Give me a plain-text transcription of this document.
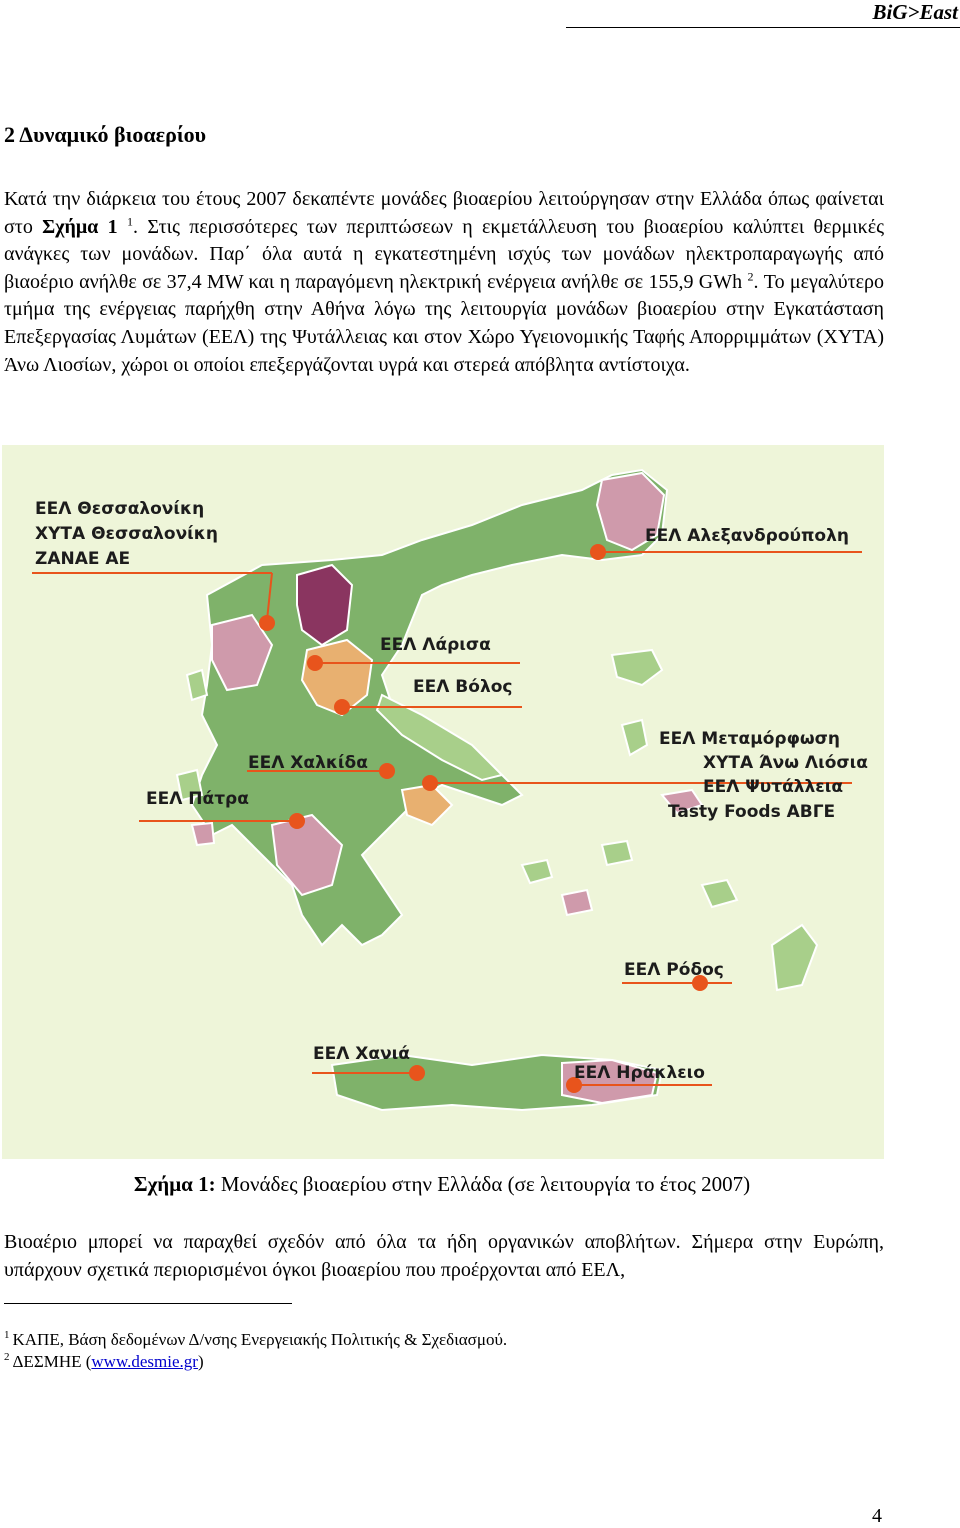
BiG>East
2 Δυναμικό βιοαερίου

Κατά την διάρκεια του έτους 2007 δεκαπέντε μονάδες βιοαερίου λειτούργησαν στην Ελλάδα όπως φαίνεται στο Σχήμα 1 $^1$. Στις περισσότερες των περιπτώσεων η εκμετάλλευση του βιοαερίου καλύπτει θερμικές ανάγκες των μονάδων. Παρ΄ όλα αυτά η εγκατεστημένη ισχύς των μονάδων ηλεκτροπαραγωγής από βιαοέριο ανήλθε σε 37,4 MW και η παραγόμενη ηλεκτρική ενέργεια ανήλθε σε 155,9 GWh $^2$. Το μεγαλύτερο τμήμα της ενέργειας παρήχθη στην Αθήνα λόγω της λειτουργία μονάδων βιοαερίου στην Εγκατάσταση Επεξεργασίας Λυμάτων (ΕΕΛ) της Ψυτάλλειας και στον Χώρο Υγειονομικής Ταφής Απορριμμάτων (ΧΥΤΑ) Άνω Λιοσίων, χώροι οι οποίοι επεξεργάζονται υγρά και στερεά απόβλητα αντίστοιχα.

ΕΕΛ Θεσσαλονίκη
ΧΥΤΑ Θεσσαλονίκη
ΖΑΝΑΕ ΑΕ
ΕΕΛ Αλεξανδρούπολη
ΕΕΛ Λάρισα
ΕΕΛ Βόλος
ΕΕΛ Χαλκίδα
ΕΕΛ Πάτρα
ΕΕΛ Μεταμόρφωση
ΧΥΤΑ Άνω Λιόσια
ΕΕΛ Ψυτάλλεια
Tasty Foods ΑΒΓΕ
ΕΕΛ Ρόδος
ΕΕΛ Χανιά
ΕΕΛ Ηράκλειο

Σχήμα 1: Μονάδες βιοαερίου στην Ελλάδα (σε λειτουργία το έτος 2007)

Βιοαέριο μπορεί να παραχθεί σχεδόν από όλα τα ήδη οργανικών αποβλήτων. Σήμερα στην Ευρώπη, υπάρχουν σχετικά περιορισμένοι όγκοι βιοαερίου που προέρχονται από ΕΕΛ,

$^1$ ΚΑΠΕ, Βάση δεδομένων Δ/νσης Ενεργειακής Πολιτικής & Σχεδιασμού.

$^2$ ΔΕΣΜΗΕ (www.desmie.gr)

4
